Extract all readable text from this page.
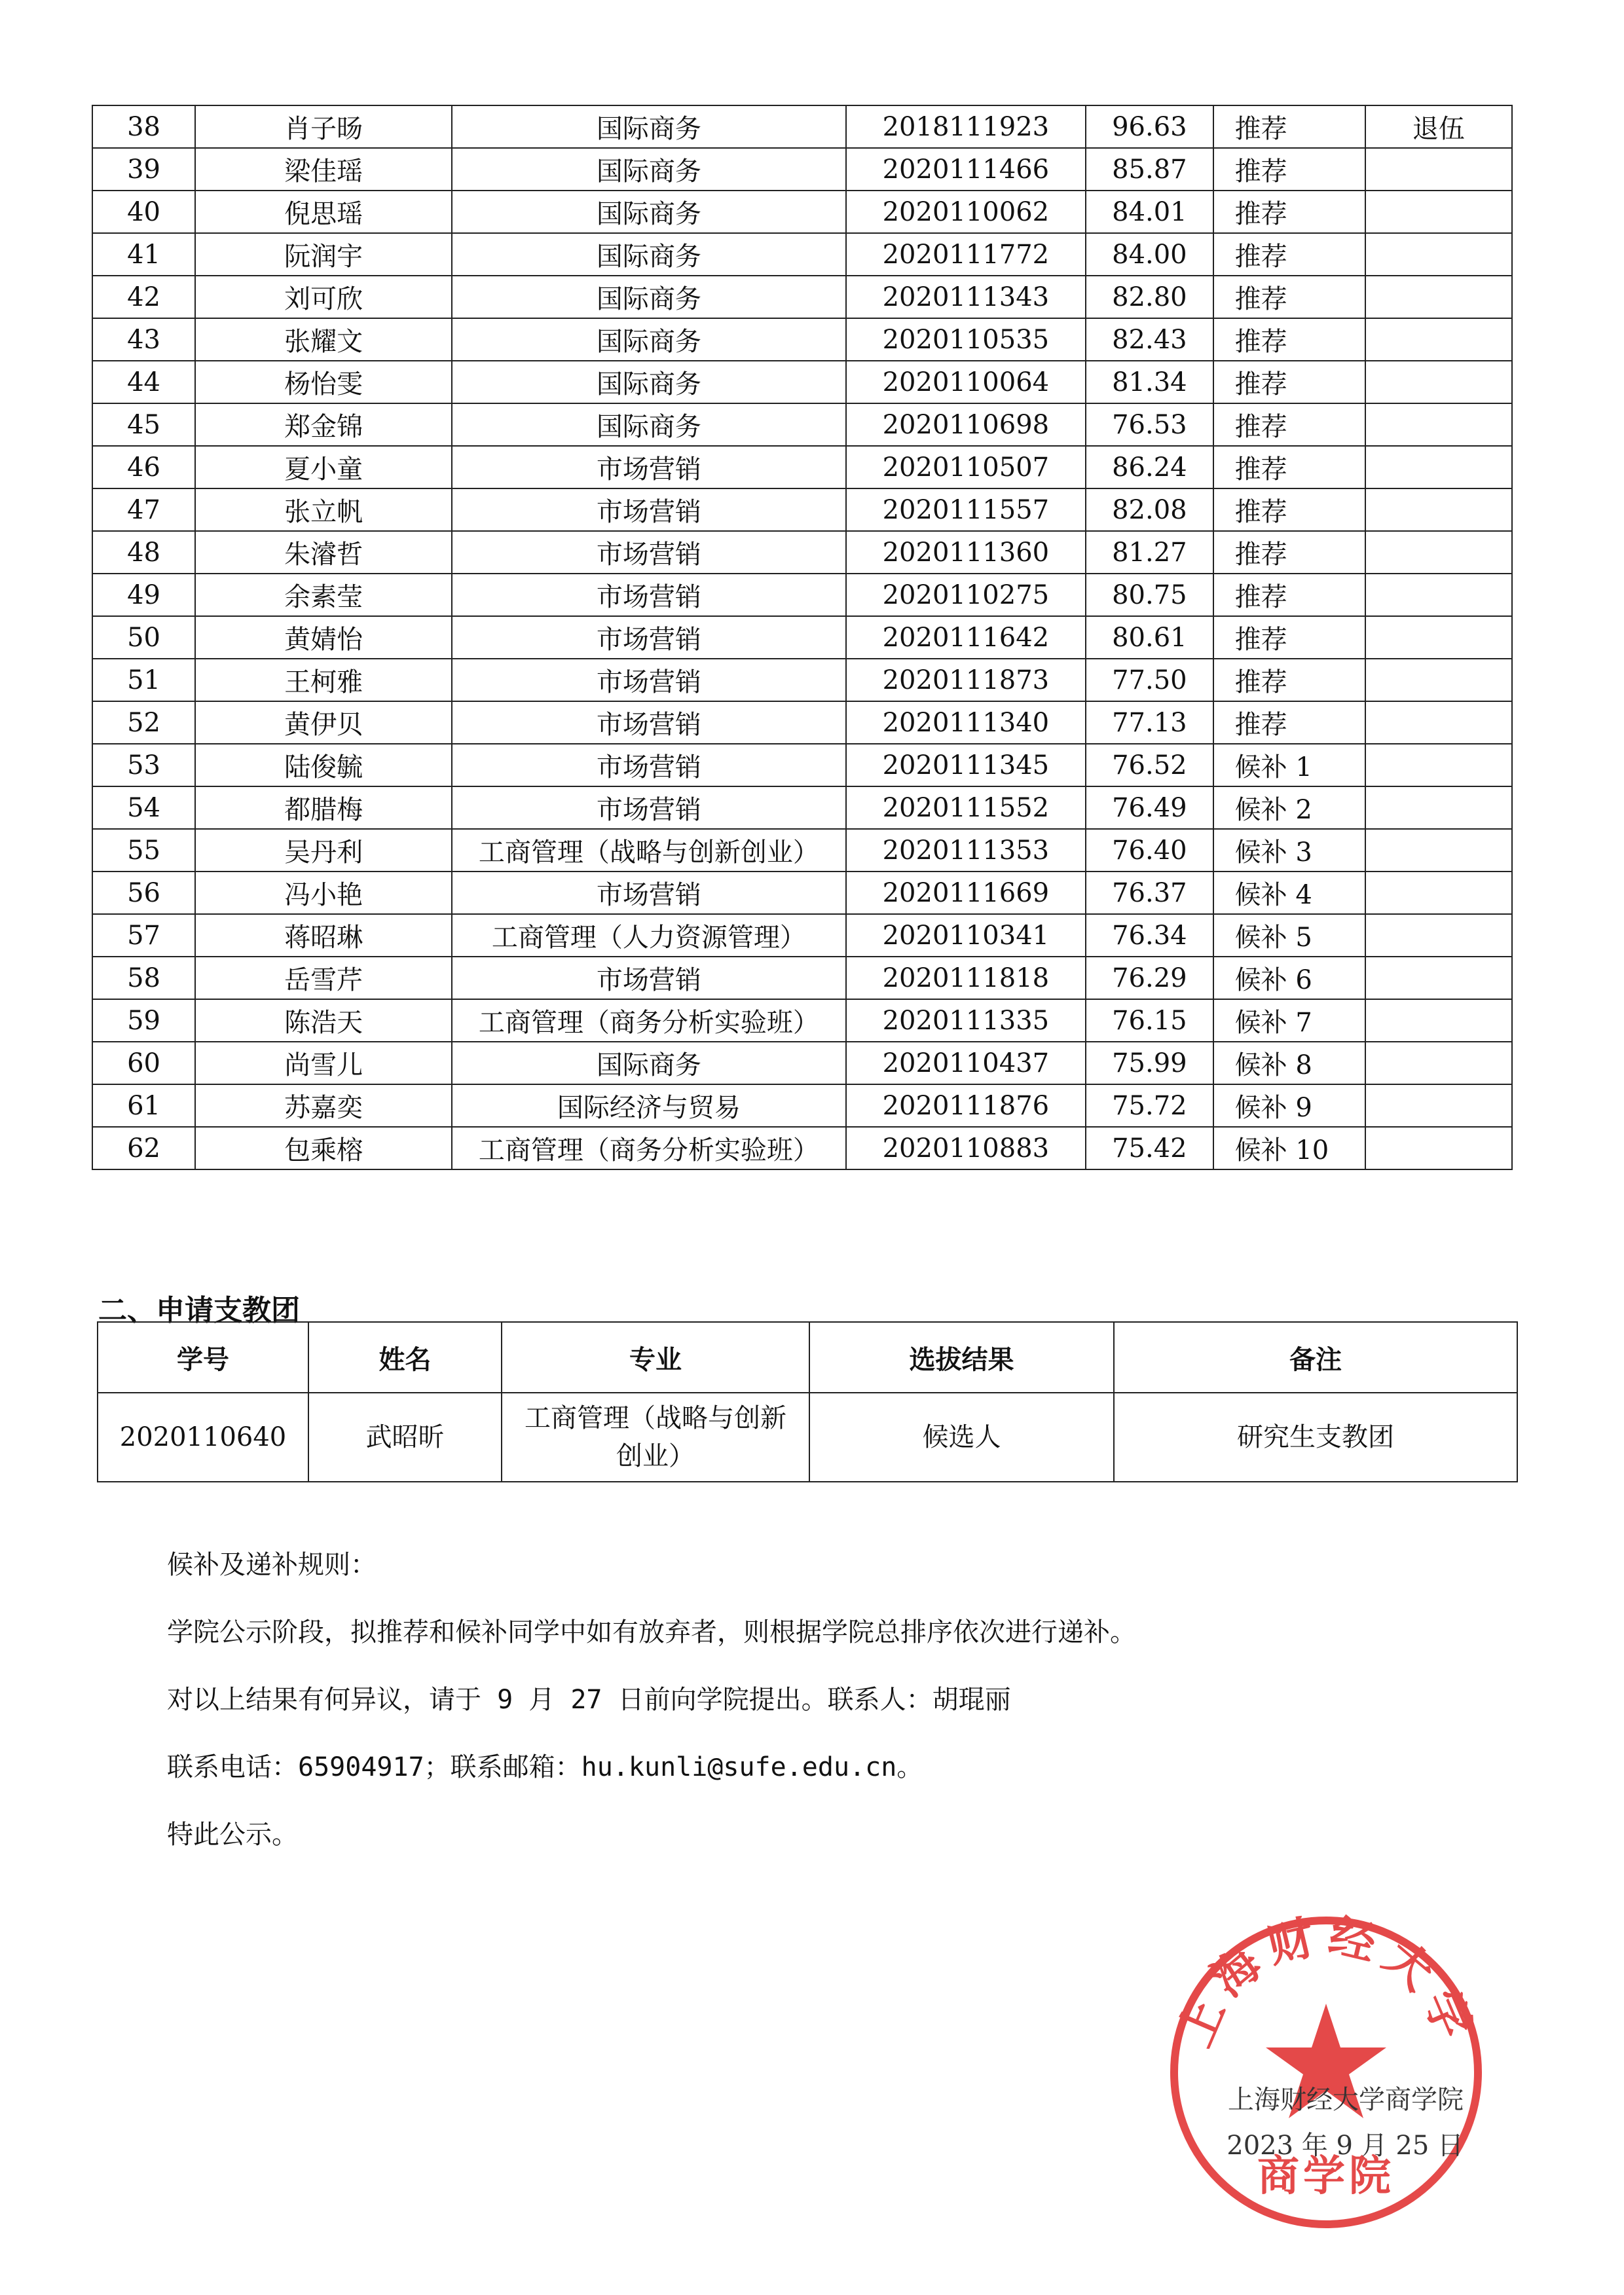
38	肖子旸	国际商务	2018111923	96.63	推荐	退伍
39	梁佳瑶	国际商务	2020111466	85.87	推荐	
40	倪思瑶	国际商务	2020110062	84.01	推荐	
41	阮润宇	国际商务	2020111772	84.00	推荐	
42	刘可欣	国际商务	2020111343	82.80	推荐	
43	张耀文	国际商务	2020110535	82.43	推荐	
44	杨怡雯	国际商务	2020110064	81.34	推荐	
45	郑金锦	国际商务	2020110698	76.53	推荐	
46	夏小童	市场营销	2020110507	86.24	推荐	
47	张立帆	市场营销	2020111557	82.08	推荐	
48	朱濬哲	市场营销	2020111360	81.27	推荐	
49	余素莹	市场营销	2020110275	80.75	推荐	
50	黄婧怡	市场营销	2020111642	80.61	推荐	
51	王柯雅	市场营销	2020111873	77.50	推荐	
52	黄伊贝	市场营销	2020111340	77.13	推荐	
53	陆俊毓	市场营销	2020111345	76.52	候补 1	
54	都腊梅	市场营销	2020111552	76.49	候补 2	
55	吴丹利	工商管理（战略与创新创业）	2020111353	76.40	候补 3	
56	冯小艳	市场营销	2020111669	76.37	候补 4	
57	蒋昭琳	工商管理（人力资源管理）	2020110341	76.34	候补 5	
58	岳雪芹	市场营销	2020111818	76.29	候补 6	
59	陈浩天	工商管理（商务分析实验班）	2020111335	76.15	候补 7	
60	尚雪儿	国际商务	2020110437	75.99	候补 8	
61	苏嘉奕	国际经济与贸易	2020111876	75.72	候补 9	
62	包乘榕	工商管理（商务分析实验班）	2020110883	75.42	候补 10	
二、申请支教团
学号	姓名	专业	选拔结果	备注
2020110640	武昭昕	工商管理（战略与创新创业）	候选人	研究生支教团

候补及递补规则：

学院公示阶段，拟推荐和候补同学中如有放弃者，则根据学院总排序依次进行递补。

对以上结果有何异议，请于 9 月 27 日前向学院提出。联系人：胡琨丽

联系电话：65904917；联系邮箱：hu.kunli@sufe.edu.cn。

特此公示。

上海财经大学
商学院
上海财经大学商学院
2023 年 9 月 25 日
